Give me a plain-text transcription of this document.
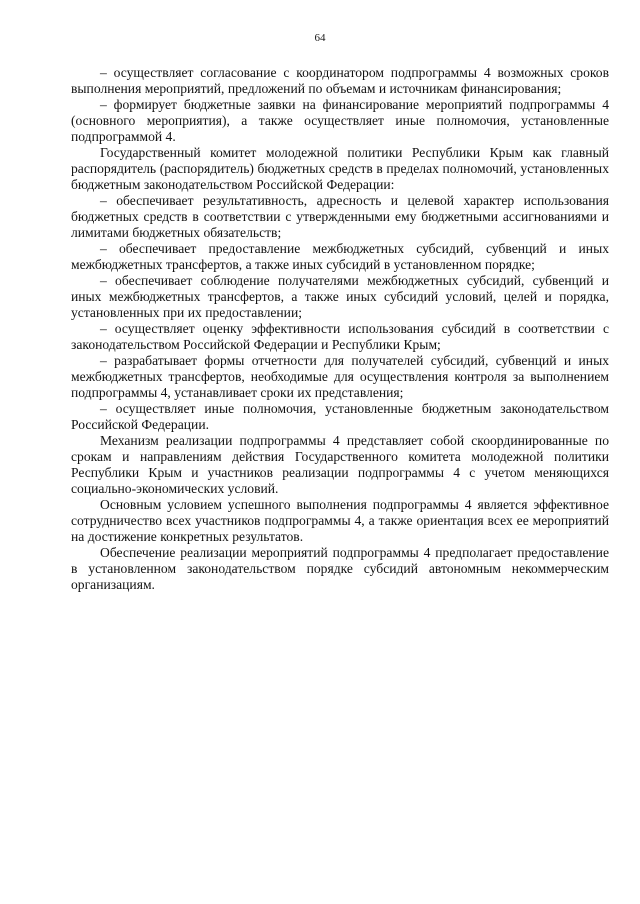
64

– осуществляет согласование с координатором подпрограммы 4 возможных сроков выполнения мероприятий, предложений по объемам и источникам финансирования;

– формирует бюджетные заявки на финансирование мероприятий подпрограммы 4 (основного мероприятия), а также осуществляет иные полномочия, установленные подпрограммой 4.

Государственный комитет молодежной политики Республики Крым как главный распорядитель (распорядитель) бюджетных средств в пределах полномочий, установленных бюджетным законодательством Российской Федерации:

– обеспечивает результативность, адресность и целевой характер использования бюджетных средств в соответствии с утвержденными ему бюджетными ассигнованиями и лимитами бюджетных обязательств;

– обеспечивает предоставление межбюджетных субсидий, субвенций и иных межбюджетных трансфертов, а также иных субсидий в установленном порядке;

– обеспечивает соблюдение получателями межбюджетных субсидий, субвенций и иных межбюджетных трансфертов, а также иных субсидий условий, целей и порядка, установленных при их предоставлении;

– осуществляет оценку эффективности использования субсидий в соответствии с законодательством Российской Федерации и Республики Крым;

– разрабатывает формы отчетности для получателей субсидий, субвенций и иных межбюджетных трансфертов, необходимые для осуществления контроля за выполнением подпрограммы 4, устанавливает сроки их представления;

– осуществляет иные полномочия, установленные бюджетным законодательством Российской Федерации.

Механизм реализации подпрограммы 4 представляет собой скоординированные по срокам и направлениям действия Государственного комитета молодежной политики Республики Крым и участников реализации подпрограммы 4 с учетом меняющихся социально-экономических условий.

Основным условием успешного выполнения подпрограммы 4 является эффективное сотрудничество всех участников подпрограммы 4, а также ориентация всех ее мероприятий на достижение конкретных результатов.

Обеспечение реализации мероприятий подпрограммы 4 предполагает предоставление в установленном законодательством порядке субсидий автономным некоммерческим организациям.
